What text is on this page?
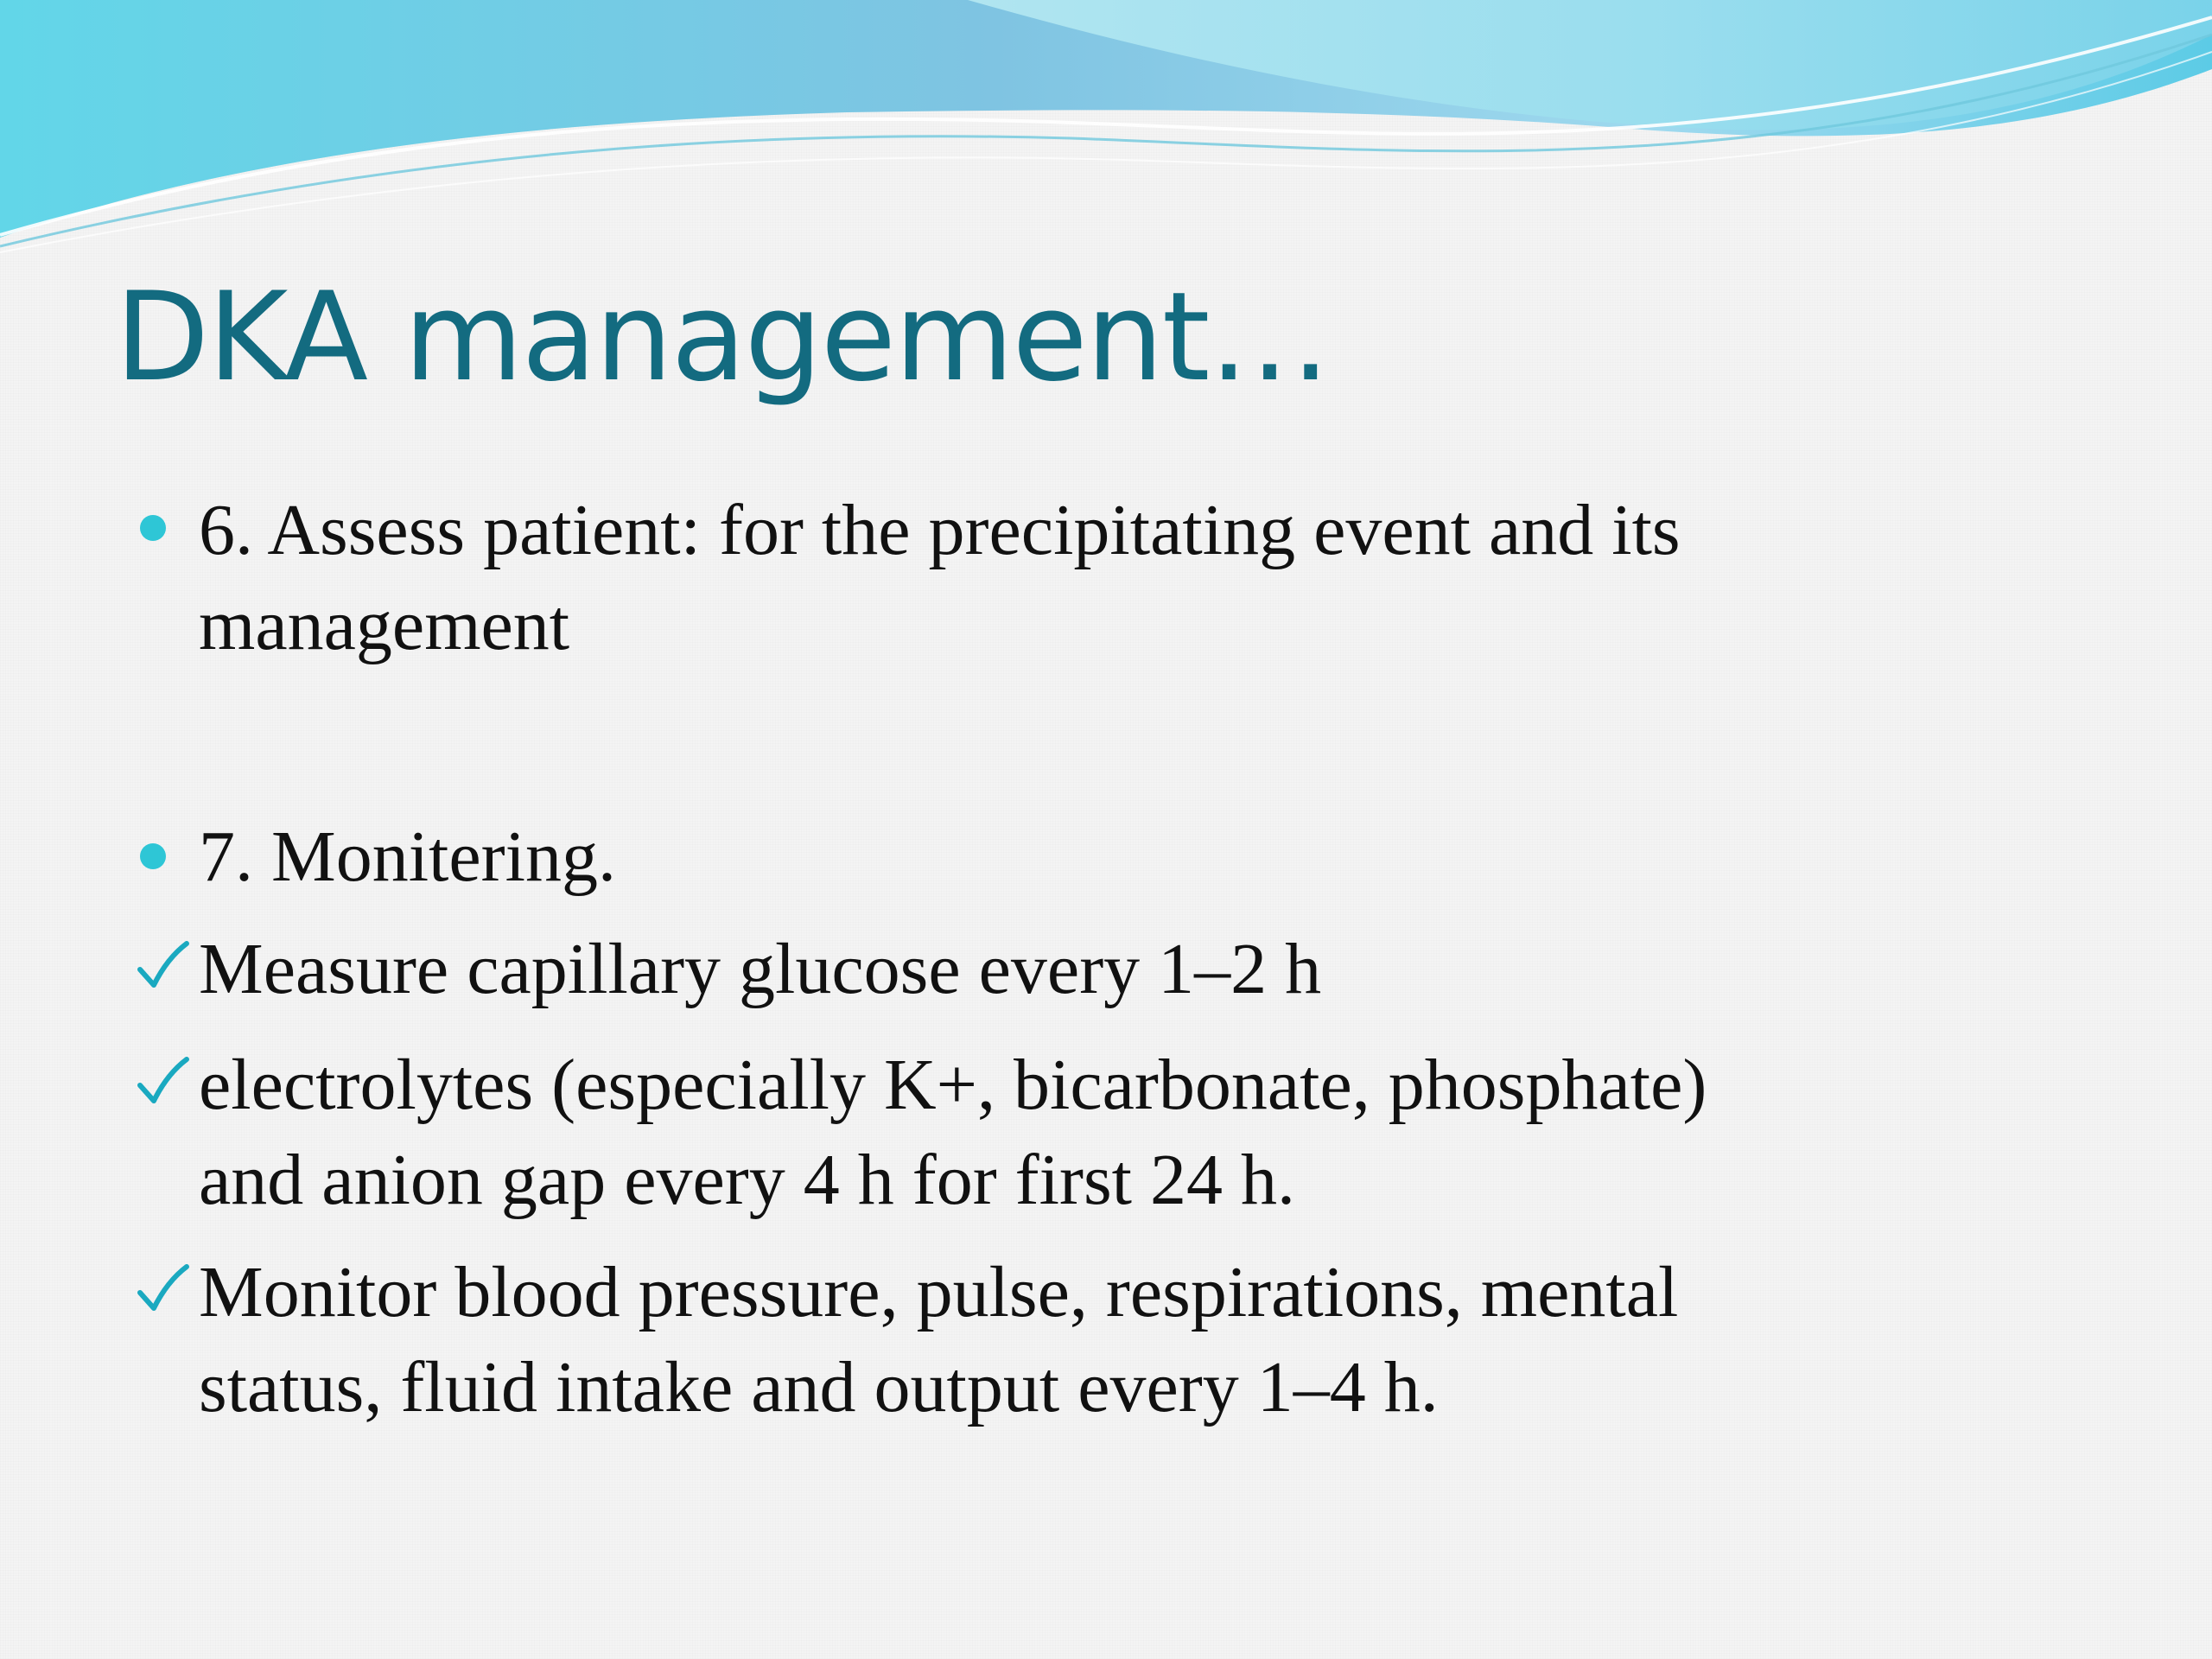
DKA management…

6. Assess patient: for the precipitating event and its

management

7. Monitering.

Measure capillary glucose every 1–2 h

electrolytes (especially K+, bicarbonate, phosphate)

and anion gap every 4 h for first 24 h.

Monitor blood pressure, pulse, respirations, mental

status, fluid intake and output every 1–4 h.
